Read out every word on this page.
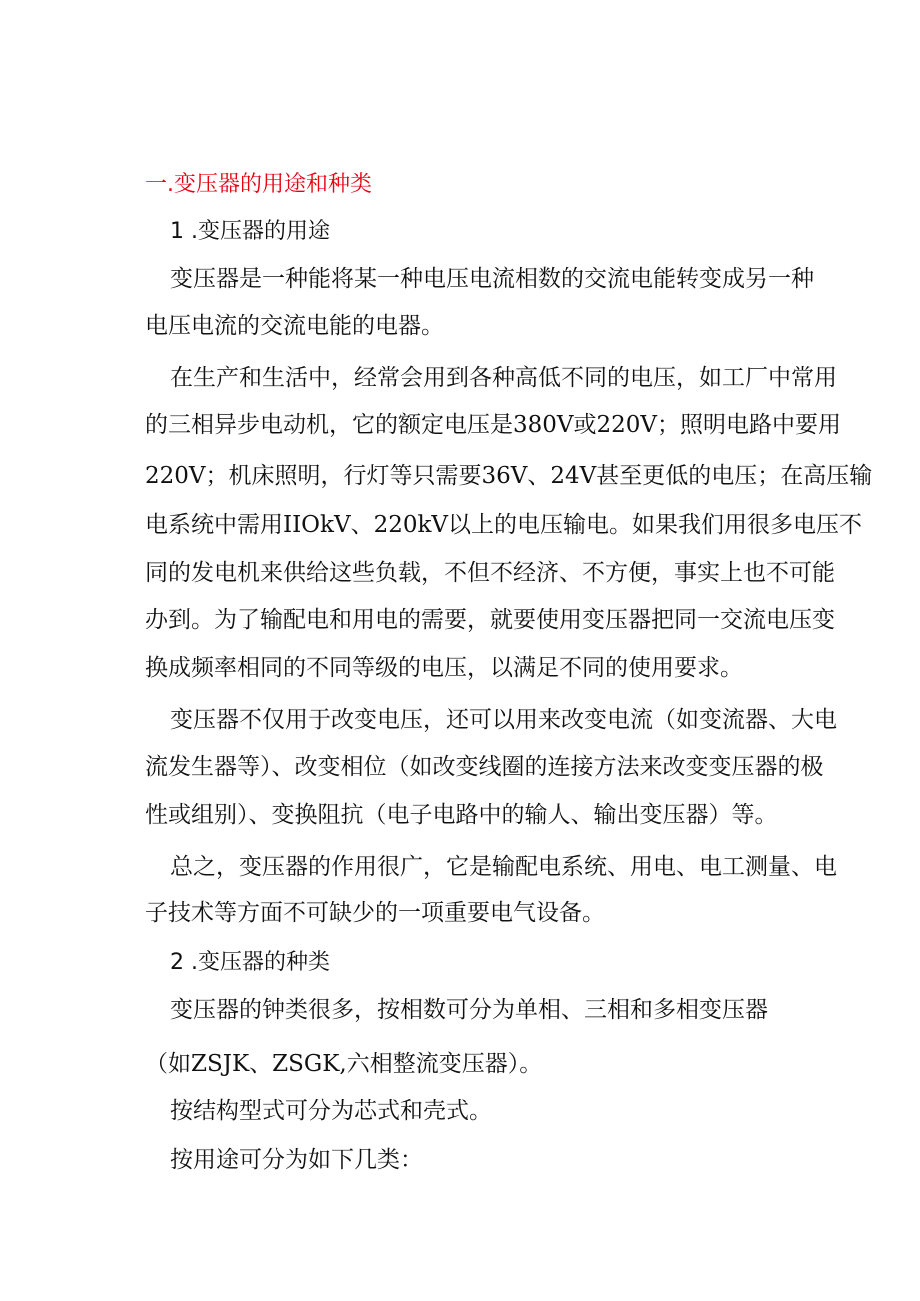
一.变压器的用途和种类
1 .变压器的用途
变压器是一种能将某一种电压电流相数的交流电能转变成另一种
电压电流的交流电能的电器。
在生产和生活中，经常会用到各种高低不同的电压，如工厂中常用
的三相异步电动机，它的额定电压是380V或220V；照明电路中要用
220V；机床照明，行灯等只需要36V、24V甚至更低的电压；在高压输
电系统中需用IIOkV、220kV以上的电压输电。如果我们用很多电压不
同的发电机来供给这些负载，不但不经济、不方便，事实上也不可能
办到。为了输配电和用电的需要，就要使用变压器把同一交流电压变
换成频率相同的不同等级的电压，以满足不同的使用要求。
变压器不仅用于改变电压，还可以用来改变电流（如变流器、大电
流发生器等）、改变相位（如改变线圈的连接方法来改变变压器的极
性或组别）、变换阻抗（电子电路中的输人、输出变压器）等。
总之，变压器的作用很广，它是输配电系统、用电、电工测量、电
子技术等方面不可缺少的一项重要电气设备。
2 .变压器的种类
变压器的钟类很多，按相数可分为单相、三相和多相变压器
（如ZSJK、ZSGK,六相整流变压器）。
按结构型式可分为芯式和壳式。
按用途可分为如下几类：
